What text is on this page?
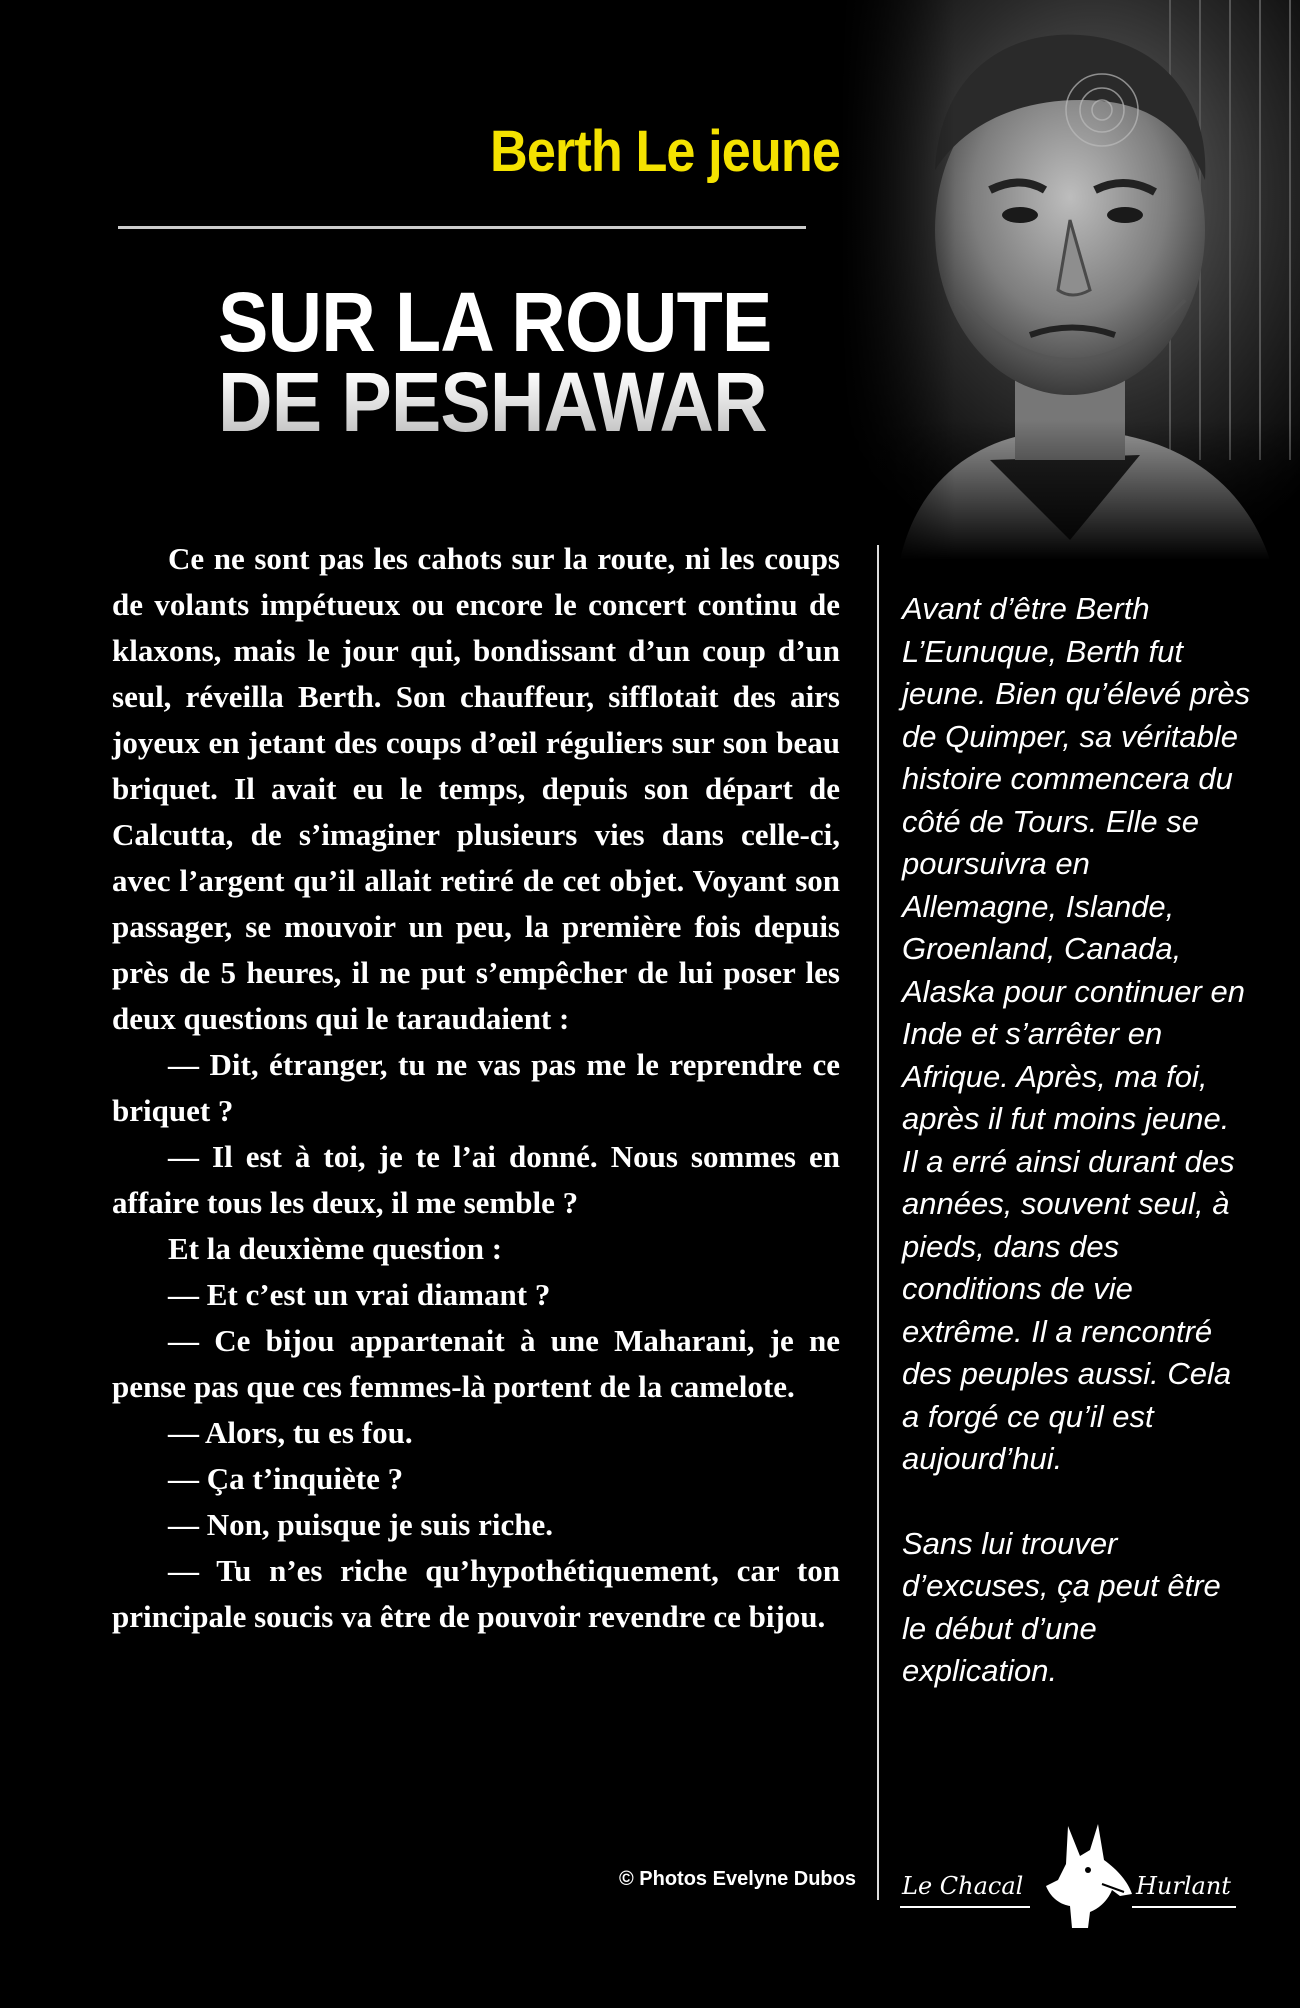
Berth Le jeune
SUR LA ROUTE
DE PESHAWAR

Ce ne sont pas les cahots sur la route, ni les coups de volants impétueux ou encore le concert continu de klaxons, mais le jour qui, bondissant d’un coup d’un seul, réveilla Berth. Son chauffeur, sifflotait des airs joyeux en jetant des coups d’œil réguliers sur son beau briquet. Il avait eu le temps, depuis son départ de Calcutta, de s’imaginer plusieurs vies dans celle-ci, avec l’argent qu’il allait retiré de cet objet. Voyant son passager, se mouvoir un peu, la première fois depuis près de 5 heures, il ne put s’empêcher de lui poser les deux questions qui le taraudaient :

— Dit, étranger, tu ne vas pas me le reprendre ce briquet ?

— Il est à toi, je te l’ai donné. Nous sommes en affaire tous les deux, il me semble ?

Et la deuxième question :

— Et c’est un vrai diamant ?

— Ce bijou appartenait à une Maharani, je ne pense pas que ces femmes-là portent de la camelote.

— Alors, tu es fou.

— Ça t’inquiète ?

— Non, puisque je suis riche.

— Tu n’es riche qu’hypothétiquement, car ton principale soucis va être de pouvoir revendre ce bijou.

Avant d’être Berth L’Eunuque, Berth fut jeune. Bien qu’élevé près de Quimper, sa véritable histoire commencera du côté de Tours. Elle se poursuivra en Allemagne, Islande, Groenland, Canada, Alaska pour continuer en Inde et s’arrêter en Afrique. Après, ma foi, après il fut moins jeune. Il a erré ainsi durant des années, souvent seul, à pieds, dans des conditions de vie extrême. Il a rencontré des peuples aussi. Cela a forgé ce qu’il est aujourd’hui.

Sans lui trouver d’excuses, ça peut être le début d’une explication.

© Photos Evelyne Dubos Le Chacal	Hurlant
